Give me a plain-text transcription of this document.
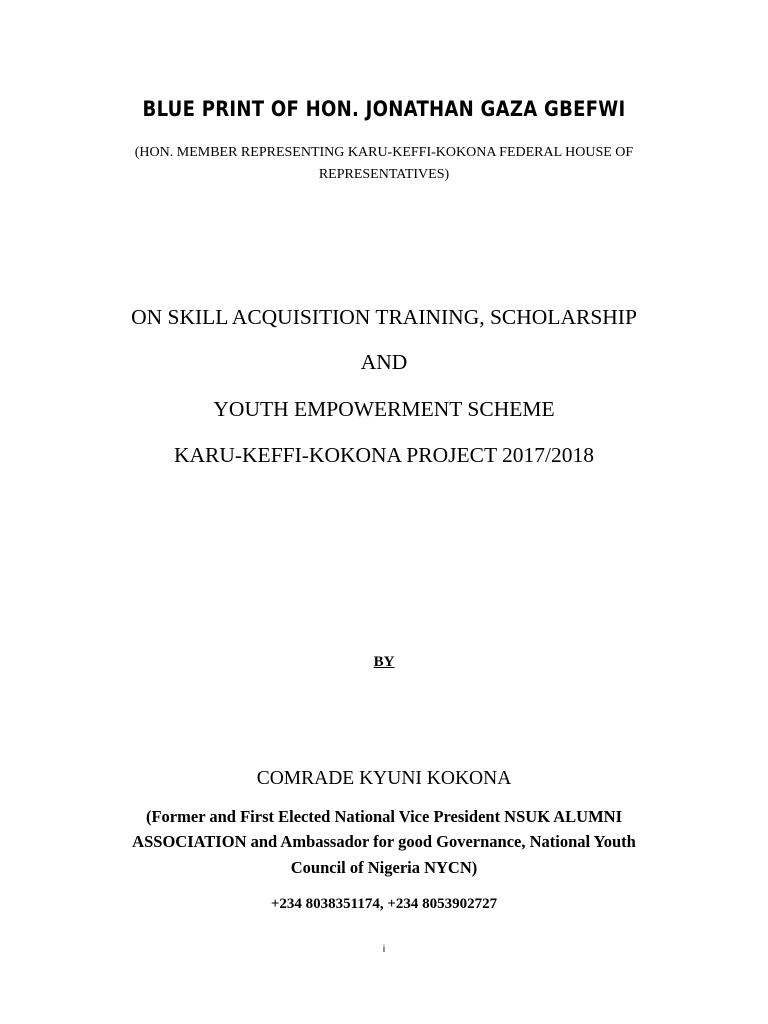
BLUE PRINT OF HON. JONATHAN GAZA GBEFWI
(HON. MEMBER REPRESENTING KARU-KEFFI-KOKONA FEDERAL HOUSE OF
REPRESENTATIVES)
ON SKILL ACQUISITION TRAINING, SCHOLARSHIP
AND
YOUTH EMPOWERMENT SCHEME
KARU-KEFFI-KOKONA PROJECT 2017/2018
BY
COMRADE KYUNI KOKONA
(Former and First Elected National Vice President NSUK ALUMNI
ASSOCIATION and Ambassador for good Governance, National Youth
Council of Nigeria NYCN)
+234 8038351174, +234 8053902727
i
